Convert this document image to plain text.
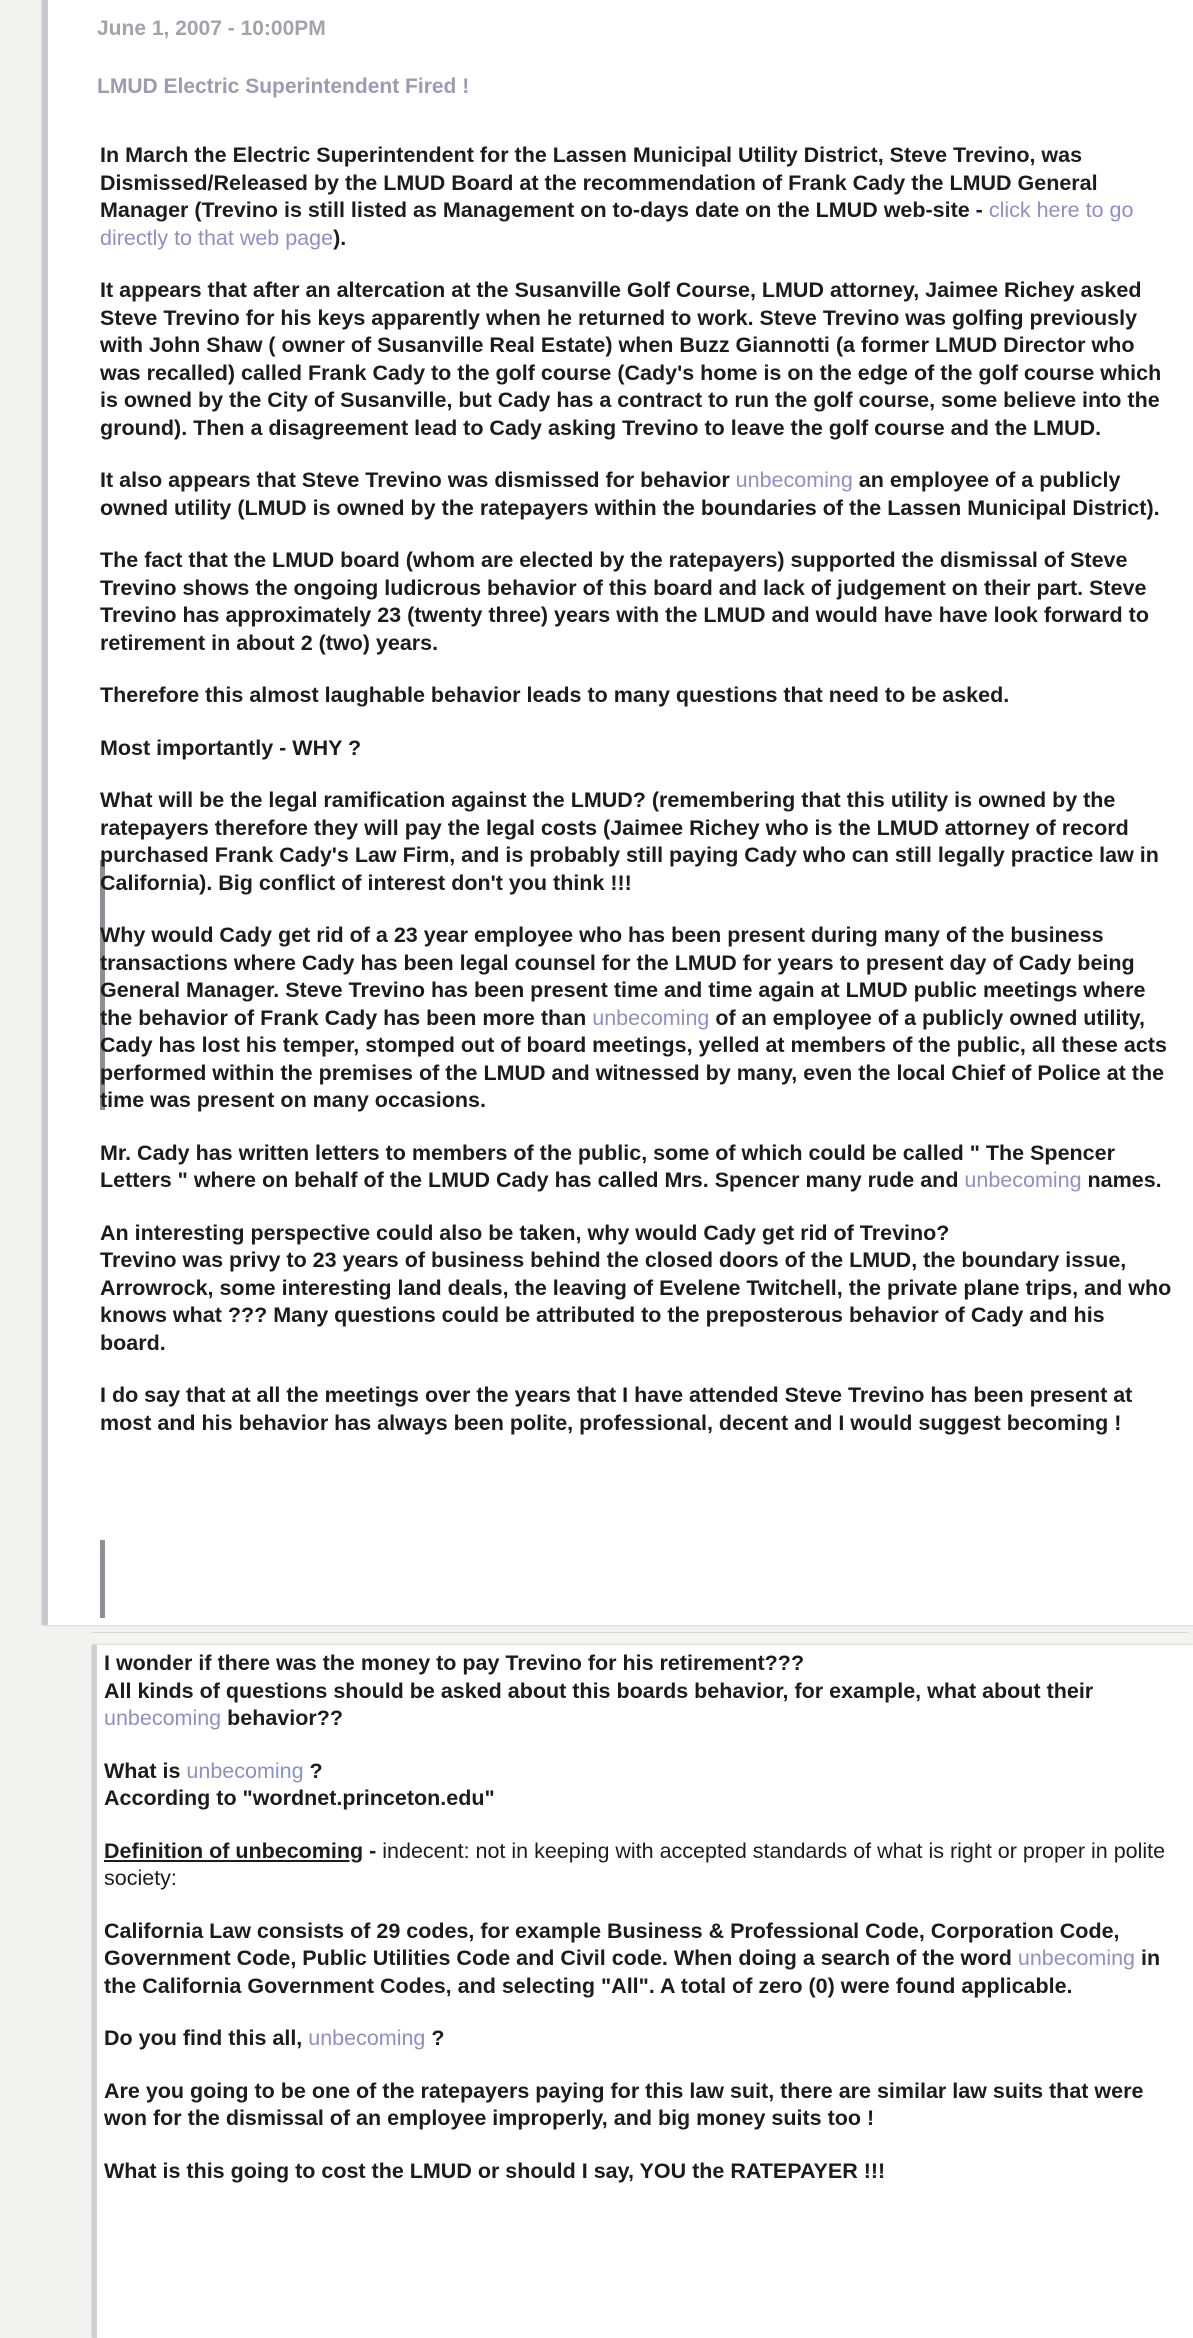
June 1, 2007 - 10:00PM
LMUD Electric Superintendent Fired !

In March the Electric Superintendent for the Lassen Municipal Utility District, Steve Trevino, was Dismissed/Released by the LMUD Board at the recommendation of Frank Cady the LMUD General Manager (Trevino is still listed as Management on to-days date on the LMUD web-site - click here to go directly to that web page).

It appears that after an altercation at the Susanville Golf Course, LMUD attorney, Jaimee Richey asked Steve Trevino for his keys apparently when he returned to work. Steve Trevino was golfing previously with John Shaw ( owner of Susanville Real Estate) when Buzz Giannotti (a former LMUD Director who was recalled) called Frank Cady to the golf course (Cady's home is on the edge of the golf course which is owned by the City of Susanville, but Cady has a contract to run the golf course, some believe into the ground). Then a disagreement lead to Cady asking Trevino to leave the golf course and the LMUD.

It also appears that Steve Trevino was dismissed for behavior unbecoming an employee of a publicly owned utility (LMUD is owned by the ratepayers within the boundaries of the Lassen Municipal District).

The fact that the LMUD board (whom are elected by the ratepayers) supported the dismissal of Steve Trevino shows the ongoing ludicrous behavior of this board and lack of judgement on their part. Steve Trevino has approximately 23 (twenty three) years with the LMUD and would have have look forward to retirement in about 2 (two) years.

Therefore this almost laughable behavior leads to many questions that need to be asked.

Most importantly - WHY ?

What will be the legal ramification against the LMUD? (remembering that this utility is owned by the ratepayers therefore they will pay the legal costs (Jaimee Richey who is the LMUD attorney of record purchased Frank Cady's Law Firm, and is probably still paying Cady who can still legally practice law in California). Big conflict of interest don't you think !!!

Why would Cady get rid of a 23 year employee who has been present during many of the business transactions where Cady has been legal counsel for the LMUD for years to present day of Cady being General Manager. Steve Trevino has been present time and time again at LMUD public meetings where the behavior of Frank Cady has been more than unbecoming of an employee of a publicly owned utility, Cady has lost his temper, stomped out of board meetings, yelled at members of the public, all these acts performed within the premises of the LMUD and witnessed by many, even the local Chief of Police at the time was present on many occasions.

Mr. Cady has written letters to members of the public, some of which could be called " The Spencer Letters " where on behalf of the LMUD Cady has called Mrs. Spencer many rude and unbecoming names.

An interesting perspective could also be taken, why would Cady get rid of Trevino?
Trevino was privy to 23 years of business behind the closed doors of the LMUD, the boundary issue, Arrowrock, some interesting land deals, the leaving of Evelene Twitchell, the private plane trips, and who knows what ??? Many questions could be attributed to the preposterous behavior of Cady and his board.

I do say that at all the meetings over the years that I have attended Steve Trevino has been present at most and his behavior has always been polite, professional, decent and I would suggest becoming !

I wonder if there was the money to pay Trevino for his retirement???
All kinds of questions should be asked about this boards behavior, for example, what about their unbecoming behavior??

What is unbecoming ?
According to "wordnet.princeton.edu"

Definition of unbecoming - indecent: not in keeping with accepted standards of what is right or proper in polite society:

California Law consists of 29 codes, for example Business & Professional Code, Corporation Code, Government Code, Public Utilities Code and Civil code. When doing a search of the word unbecoming in the California Government Codes, and selecting "All". A total of zero (0) were found applicable.

Do you find this all, unbecoming ?

Are you going to be one of the ratepayers paying for this law suit, there are similar law suits that were won for the dismissal of an employee improperly, and big money suits too !

What is this going to cost the LMUD or should I say, YOU the RATEPAYER !!!
